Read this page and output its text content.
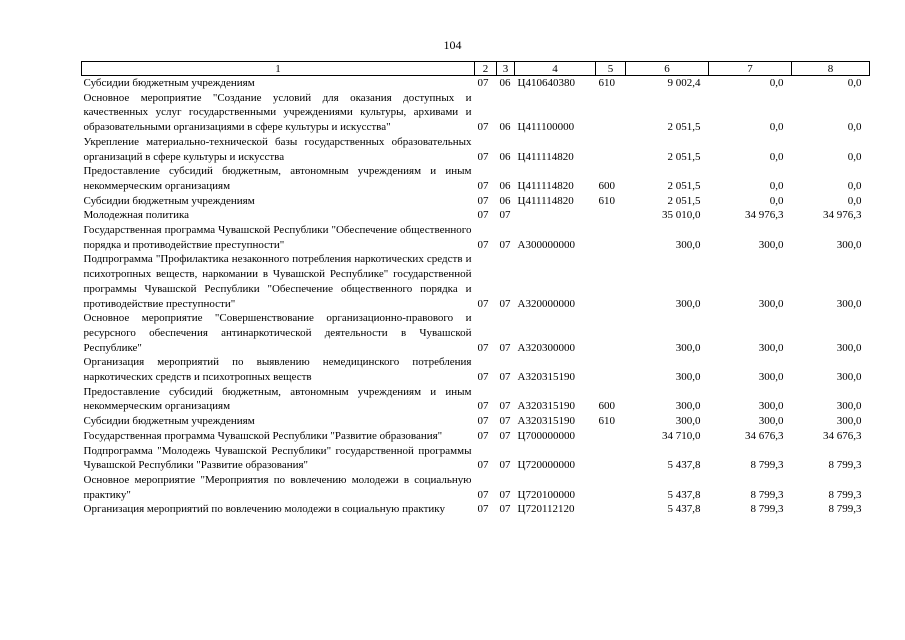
104
1	2	3	4	5	6	7	8
Субсидии бюджетным учреждениям	07	06	Ц410640380	610	9 002,4	0,0	0,0
Основное мероприятие "Создание условий для оказания доступных и качественных услуг государственными учреждениями культуры, архивами и образовательными организациями в сфере культуры и искусства"	07	06	Ц411100000		2 051,5	0,0	0,0
Укрепление материально-технической базы государственных образовательных организаций в сфере культуры и искусства	07	06	Ц411114820		2 051,5	0,0	0,0
Предоставление субсидий бюджетным, автономным учреждениям и иным некоммерческим организациям	07	06	Ц411114820	600	2 051,5	0,0	0,0
Субсидии бюджетным учреждениям	07	06	Ц411114820	610	2 051,5	0,0	0,0
Молодежная политика	07	07			35 010,0	34 976,3	34 976,3
Государственная программа Чувашской Республики "Обеспечение общественного порядка и противодействие преступности"	07	07	А300000000		300,0	300,0	300,0
Подпрограмма "Профилактика незаконного потребления наркотических средств и психотропных веществ, наркомании в Чувашской Республике" государственной программы Чувашской Республики "Обеспечение общественного порядка и противодействие преступности"	07	07	А320000000		300,0	300,0	300,0
Основное мероприятие "Совершенствование организационно-правового и ресурсного обеспечения антинаркотической деятельности в Чувашской Республике"	07	07	А320300000		300,0	300,0	300,0
Организация мероприятий по выявлению немедицинского потребления наркотических средств и психотропных веществ	07	07	А320315190		300,0	300,0	300,0
Предоставление субсидий бюджетным, автономным учреждениям и иным некоммерческим организациям	07	07	А320315190	600	300,0	300,0	300,0
Субсидии бюджетным учреждениям	07	07	А320315190	610	300,0	300,0	300,0
Государственная программа Чувашской Республики "Развитие образования"	07	07	Ц700000000		34 710,0	34 676,3	34 676,3
Подпрограмма "Молодежь Чувашской Республики" государственной программы Чувашской Республики "Развитие образования"	07	07	Ц720000000		5 437,8	8 799,3	8 799,3
Основное мероприятие "Мероприятия по вовлечению молодежи в социальную практику"	07	07	Ц720100000		5 437,8	8 799,3	8 799,3
Организация мероприятий по вовлечению молодежи в социальную практику	07	07	Ц720112120		5 437,8	8 799,3	8 799,3
